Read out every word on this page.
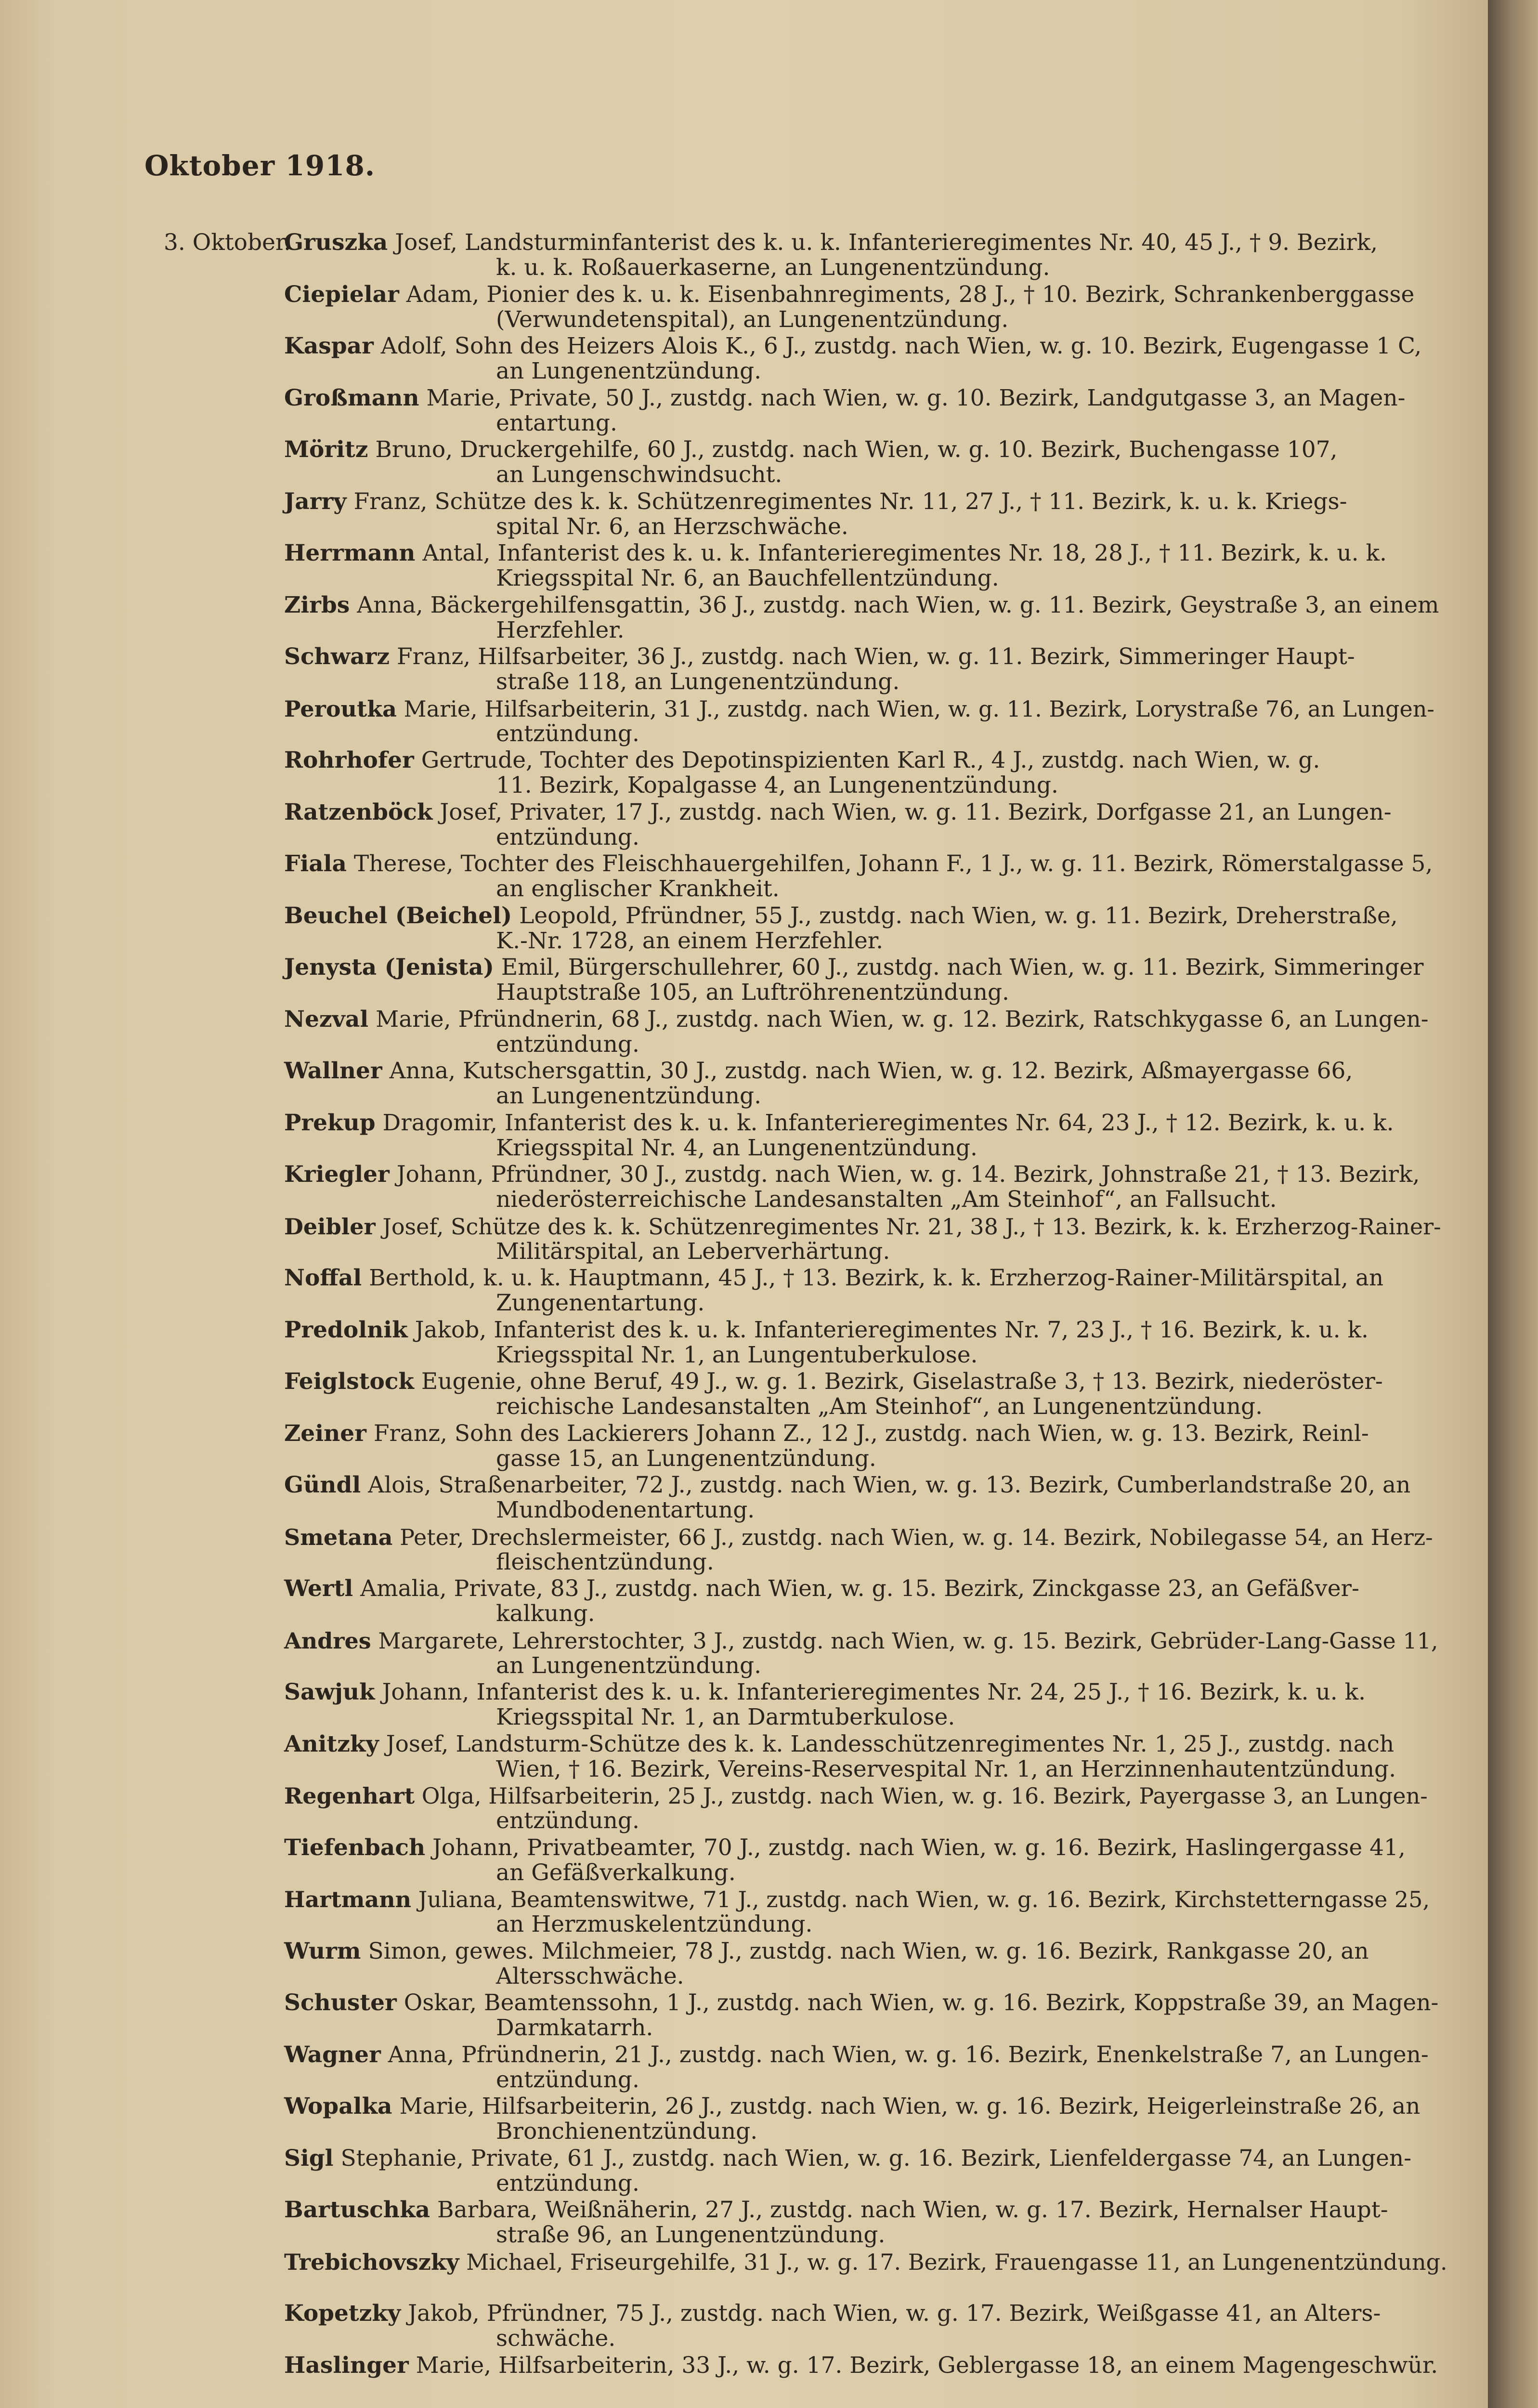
Oktober 1918.
3. Oktober.
Gruszka Josef, Landsturminfanterist des k. u. k. Infanterieregimentes Nr. 40, 45 J., † 9. Bezirk,
k. u. k. Roßauerkaserne, an Lungenentzündung.
Ciepielar Adam, Pionier des k. u. k. Eisenbahnregiments, 28 J., † 10. Bezirk, Schrankenberggasse
(Verwundetenspital), an Lungenentzündung.
Kaspar Adolf, Sohn des Heizers Alois K., 6 J., zustdg. nach Wien, w. g. 10. Bezirk, Eugengasse 1 C,
an Lungenentzündung.
Großmann Marie, Private, 50 J., zustdg. nach Wien, w. g. 10. Bezirk, Landgutgasse 3, an Magen-
entartung.
Möritz Bruno, Druckergehilfe, 60 J., zustdg. nach Wien, w. g. 10. Bezirk, Buchengasse 107,
an Lungenschwindsucht.
Jarry Franz, Schütze des k. k. Schützenregimentes Nr. 11, 27 J., † 11. Bezirk, k. u. k. Kriegs-
spital Nr. 6, an Herzschwäche.
Herrmann Antal, Infanterist des k. u. k. Infanterieregimentes Nr. 18, 28 J., † 11. Bezirk, k. u. k.
Kriegsspital Nr. 6, an Bauchfellentzündung.
Zirbs Anna, Bäckergehilfensgattin, 36 J., zustdg. nach Wien, w. g. 11. Bezirk, Geystraße 3, an einem
Herzfehler.
Schwarz Franz, Hilfsarbeiter, 36 J., zustdg. nach Wien, w. g. 11. Bezirk, Simmeringer Haupt-
straße 118, an Lungenentzündung.
Peroutka Marie, Hilfsarbeiterin, 31 J., zustdg. nach Wien, w. g. 11. Bezirk, Lorystraße 76, an Lungen-
entzündung.
Rohrhofer Gertrude, Tochter des Depotinspizienten Karl R., 4 J., zustdg. nach Wien, w. g.
11. Bezirk, Kopalgasse 4, an Lungenentzündung.
Ratzenböck Josef, Privater, 17 J., zustdg. nach Wien, w. g. 11. Bezirk, Dorfgasse 21, an Lungen-
entzündung.
Fiala Therese, Tochter des Fleischhauergehilfen, Johann F., 1 J., w. g. 11. Bezirk, Römerstalgasse 5,
an englischer Krankheit.
Beuchel (Beichel) Leopold, Pfründner, 55 J., zustdg. nach Wien, w. g. 11. Bezirk, Dreherstraße,
K.-Nr. 1728, an einem Herzfehler.
Jenysta (Jenista) Emil, Bürgerschullehrer, 60 J., zustdg. nach Wien, w. g. 11. Bezirk, Simmeringer
Hauptstraße 105, an Luftröhrenentzündung.
Nezval Marie, Pfründnerin, 68 J., zustdg. nach Wien, w. g. 12. Bezirk, Ratschkygasse 6, an Lungen-
entzündung.
Wallner Anna, Kutschersgattin, 30 J., zustdg. nach Wien, w. g. 12. Bezirk, Aßmayergasse 66,
an Lungenentzündung.
Prekup Dragomir, Infanterist des k. u. k. Infanterieregimentes Nr. 64, 23 J., † 12. Bezirk, k. u. k.
Kriegsspital Nr. 4, an Lungenentzündung.
Kriegler Johann, Pfründner, 30 J., zustdg. nach Wien, w. g. 14. Bezirk, Johnstraße 21, † 13. Bezirk,
niederösterreichische Landesanstalten „Am Steinhof“, an Fallsucht.
Deibler Josef, Schütze des k. k. Schützenregimentes Nr. 21, 38 J., † 13. Bezirk, k. k. Erzherzog-Rainer-
Militärspital, an Leberverhärtung.
Noffal Berthold, k. u. k. Hauptmann, 45 J., † 13. Bezirk, k. k. Erzherzog-Rainer-Militärspital, an
Zungenentartung.
Predolnik Jakob, Infanterist des k. u. k. Infanterieregimentes Nr. 7, 23 J., † 16. Bezirk, k. u. k.
Kriegsspital Nr. 1, an Lungentuberkulose.
Feiglstock Eugenie, ohne Beruf, 49 J., w. g. 1. Bezirk, Giselastraße 3, † 13. Bezirk, niederöster-
reichische Landesanstalten „Am Steinhof“, an Lungenentzündung.
Zeiner Franz, Sohn des Lackierers Johann Z., 12 J., zustdg. nach Wien, w. g. 13. Bezirk, Reinl-
gasse 15, an Lungenentzündung.
Gündl Alois, Straßenarbeiter, 72 J., zustdg. nach Wien, w. g. 13. Bezirk, Cumberlandstraße 20, an
Mundbodenentartung.
Smetana Peter, Drechslermeister, 66 J., zustdg. nach Wien, w. g. 14. Bezirk, Nobilegasse 54, an Herz-
fleischentzündung.
Wertl Amalia, Private, 83 J., zustdg. nach Wien, w. g. 15. Bezirk, Zinckgasse 23, an Gefäßver-
kalkung.
Andres Margarete, Lehrerstochter, 3 J., zustdg. nach Wien, w. g. 15. Bezirk, Gebrüder-Lang-Gasse 11,
an Lungenentzündung.
Sawjuk Johann, Infanterist des k. u. k. Infanterieregimentes Nr. 24, 25 J., † 16. Bezirk, k. u. k.
Kriegsspital Nr. 1, an Darmtuberkulose.
Anitzky Josef, Landsturm-Schütze des k. k. Landesschützenregimentes Nr. 1, 25 J., zustdg. nach
Wien, † 16. Bezirk, Vereins-Reservespital Nr. 1, an Herzinnenhautentzündung.
Regenhart Olga, Hilfsarbeiterin, 25 J., zustdg. nach Wien, w. g. 16. Bezirk, Payergasse 3, an Lungen-
entzündung.
Tiefenbach Johann, Privatbeamter, 70 J., zustdg. nach Wien, w. g. 16. Bezirk, Haslingergasse 41,
an Gefäßverkalkung.
Hartmann Juliana, Beamtenswitwe, 71 J., zustdg. nach Wien, w. g. 16. Bezirk, Kirchstetterngasse 25,
an Herzmuskelentzündung.
Wurm Simon, gewes. Milchmeier, 78 J., zustdg. nach Wien, w. g. 16. Bezirk, Rankgasse 20, an
Altersschwäche.
Schuster Oskar, Beamtenssohn, 1 J., zustdg. nach Wien, w. g. 16. Bezirk, Koppstraße 39, an Magen-
Darmkatarrh.
Wagner Anna, Pfründnerin, 21 J., zustdg. nach Wien, w. g. 16. Bezirk, Enenkelstraße 7, an Lungen-
entzündung.
Wopalka Marie, Hilfsarbeiterin, 26 J., zustdg. nach Wien, w. g. 16. Bezirk, Heigerleinstraße 26, an
Bronchienentzündung.
Sigl Stephanie, Private, 61 J., zustdg. nach Wien, w. g. 16. Bezirk, Lienfeldergasse 74, an Lungen-
entzündung.
Bartuschka Barbara, Weißnäherin, 27 J., zustdg. nach Wien, w. g. 17. Bezirk, Hernalser Haupt-
straße 96, an Lungenentzündung.
Trebichovszky Michael, Friseurgehilfe, 31 J., w. g. 17. Bezirk, Frauengasse 11, an Lungenentzündung.
Kopetzky Jakob, Pfründner, 75 J., zustdg. nach Wien, w. g. 17. Bezirk, Weißgasse 41, an Alters-
schwäche.
Haslinger Marie, Hilfsarbeiterin, 33 J., w. g. 17. Bezirk, Geblergasse 18, an einem Magengeschwür.
